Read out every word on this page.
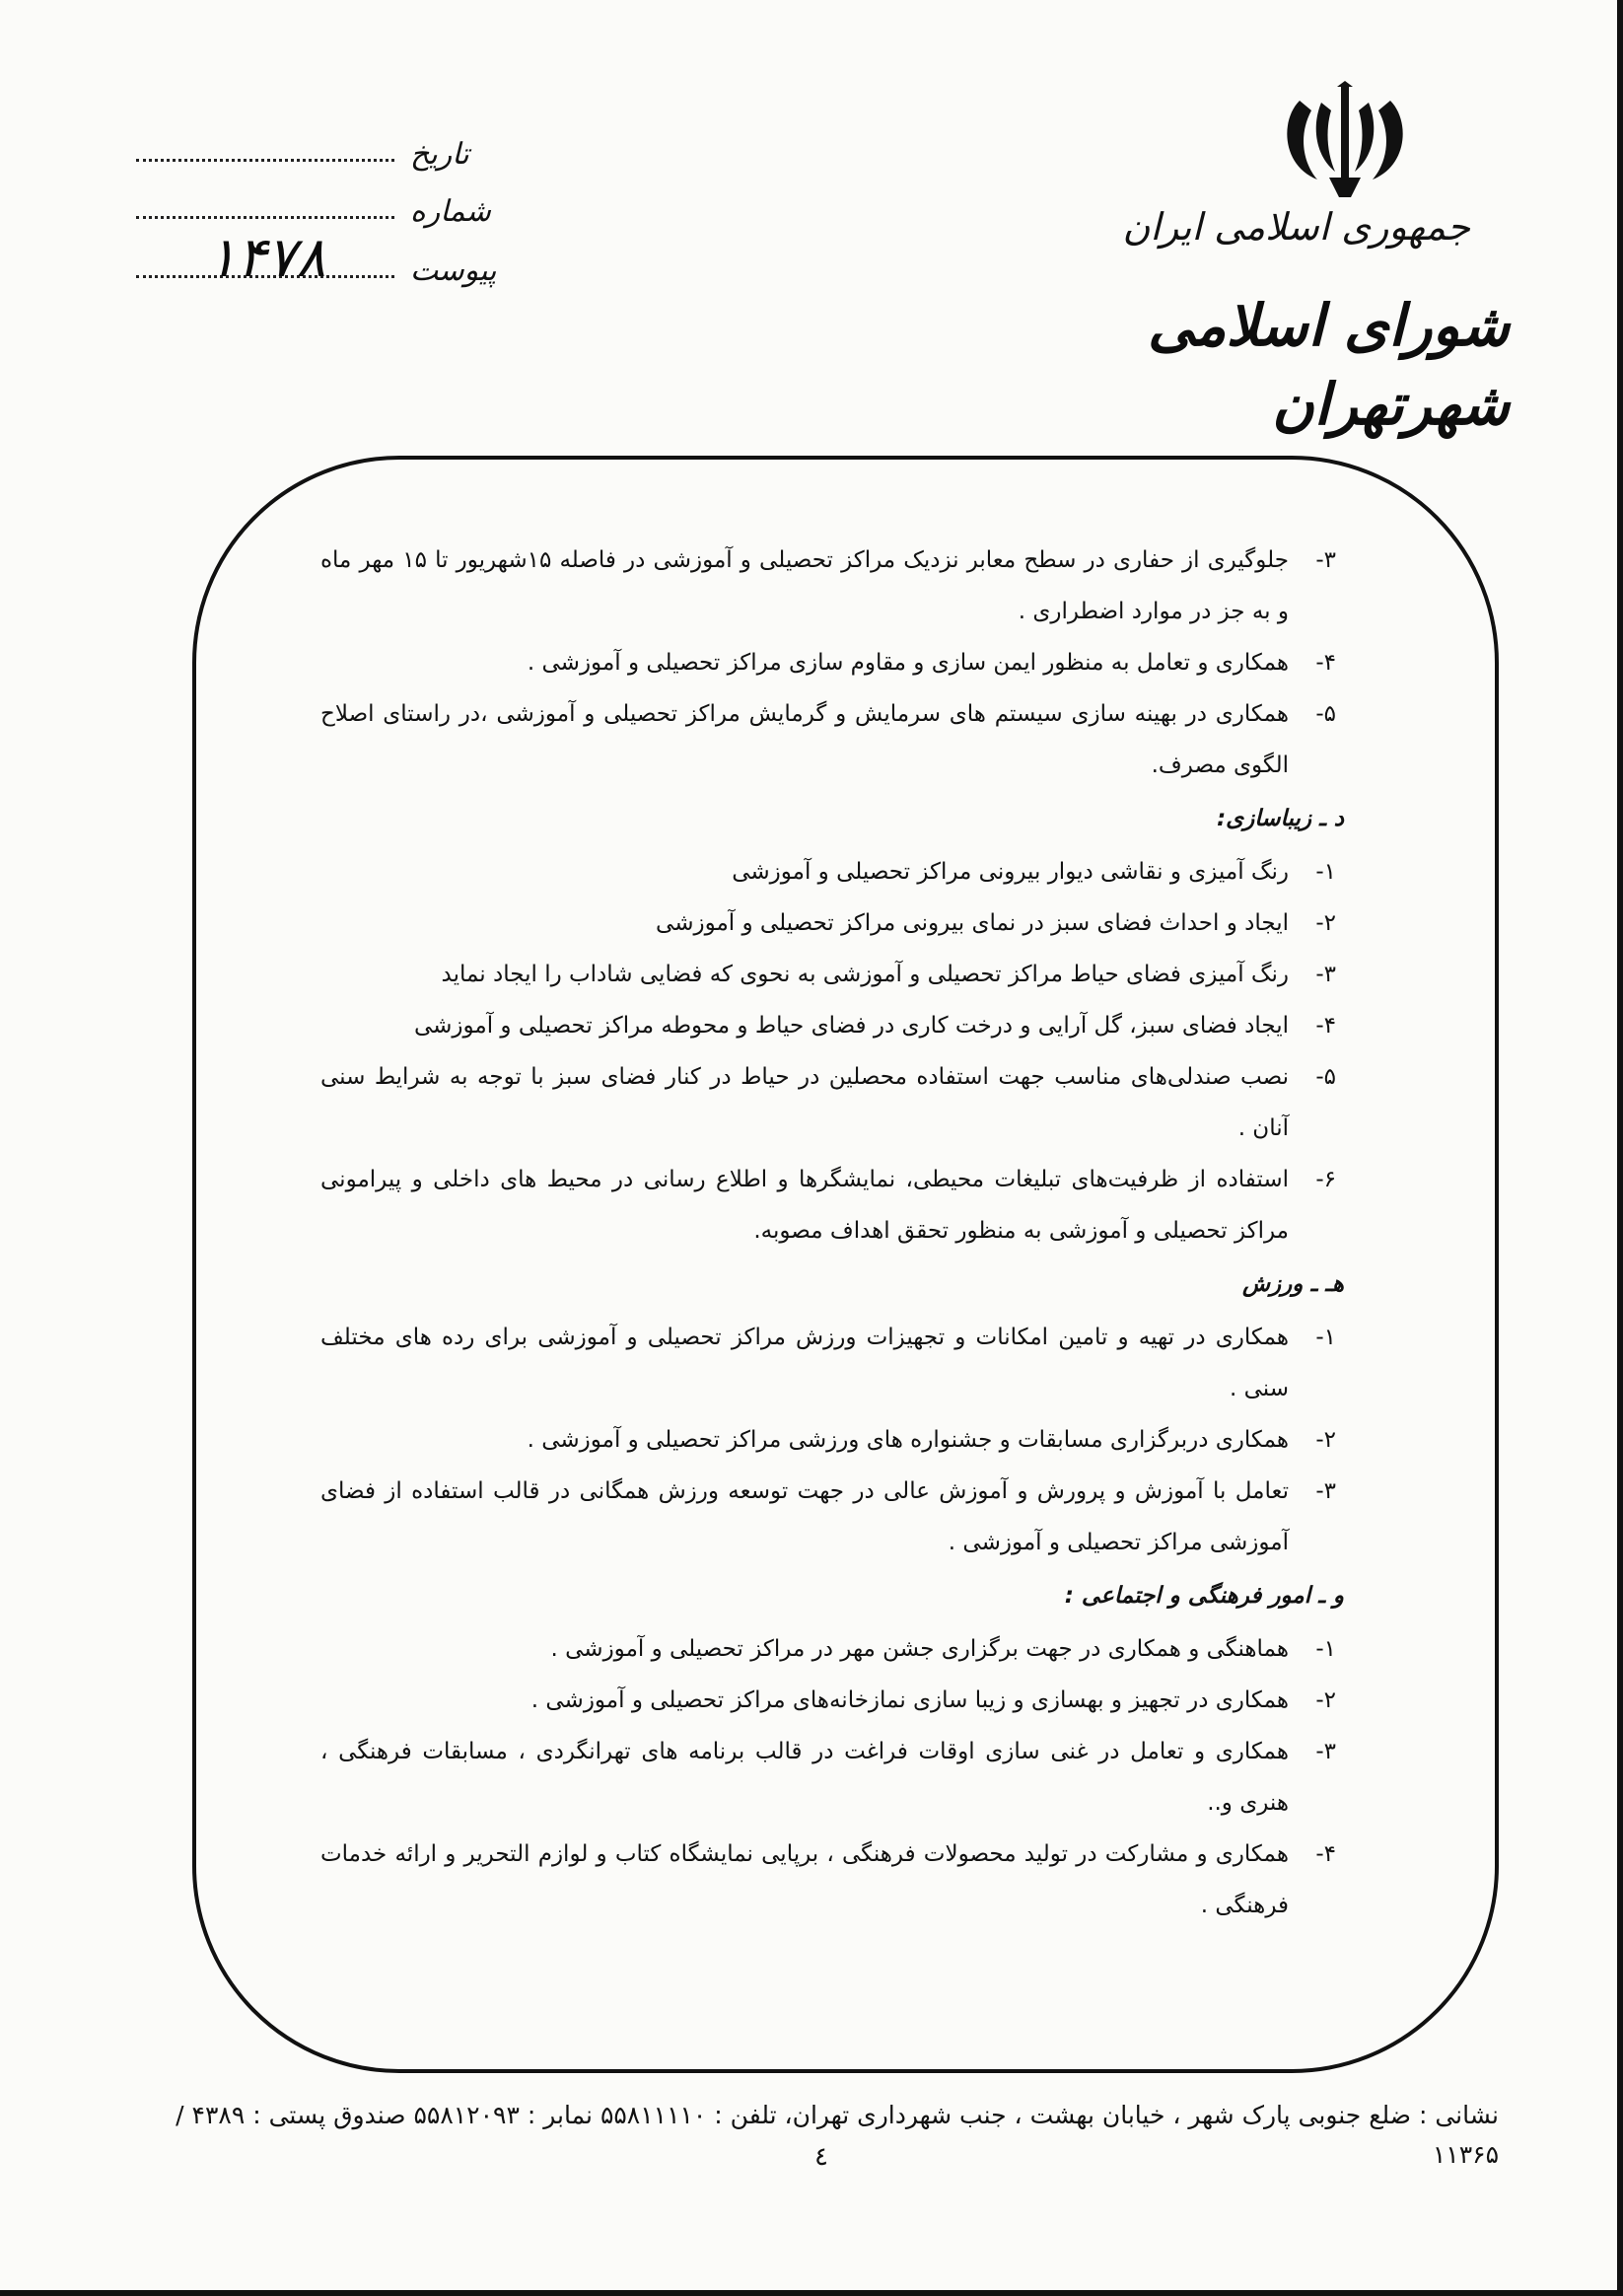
جمهوری اسلامی ایران
شورای اسلامی شهرتهران
تاریخ
شماره
۱۴۷۸	پیوست
۳-
جلوگیری از حفاری در سطح معابر نزدیک مراکز تحصیلی و آموزشی در فاصله ۱۵شهریور تا ۱۵ مهر ماه و به جز در موارد اضطراری .
۴-
همکاری و تعامل به منظور ایمن سازی و مقاوم سازی مراکز تحصیلی و آموزشی .
۵-
همکاری در بهینه سازی سیستم های سرمایش و گرمایش مراکز تحصیلی و آموزشی ،در راستای اصلاح الگوی مصرف.
د ـ زیباسازی:
۱-
رنگ آمیزی و نقاشی دیوار بیرونی مراکز تحصیلی و آموزشی
۲-
ایجاد و احداث فضای سبز در نمای بیرونی مراکز تحصیلی و آموزشی
۳-
رنگ آمیزی فضای حیاط مراکز تحصیلی و آموزشی به نحوی که فضایی شاداب را ایجاد نماید
۴-
ایجاد فضای سبز، گل آرایی و درخت کاری در فضای حیاط و محوطه مراکز تحصیلی و آموزشی
۵-
نصب صندلی‌های مناسب جهت استفاده محصلین در حیاط در کنار فضای سبز با توجه به شرایط سنی آنان .
۶-
استفاده از ظرفیت‌های تبلیغات محیطی، نمایشگرها و اطلاع رسانی در محیط های داخلی و پیرامونی مراکز تحصیلی و آموزشی به منظور تحقق اهداف مصوبه.
هـ ـ ورزش
۱-
همکاری در تهیه و تامین امکانات و تجهیزات ورزش مراکز تحصیلی و آموزشی برای رده های مختلف سنی .
۲-
همکاری دربرگزاری مسابقات و جشنواره های ورزشی مراکز تحصیلی و آموزشی .
۳-
تعامل با آموزش و پرورش و آموزش عالی در جهت توسعه ورزش همگانی در قالب استفاده از فضای آموزشی مراکز تحصیلی و آموزشی .
و ـ امور فرهنگی و اجتماعی :
۱-
هماهنگی و همکاری در جهت برگزاری جشن مهر در مراکز تحصیلی و آموزشی .
۲-
همکاری در تجهیز و بهسازی و زیبا سازی نمازخانه‌های مراکز تحصیلی و آموزشی .
۳-
همکاری و تعامل در غنی سازی اوقات فراغت در قالب برنامه های تهرانگردی ، مسابقات فرهنگی ، هنری و..
۴-
همکاری و مشارکت در تولید محصولات فرهنگی ، برپایی نمایشگاه کتاب و لوازم التحریر و ارائه خدمات فرهنگی .
نشانی : ضلع جنوبی پارک شهر ، خیابان بهشت ، جنب شهرداری تهران، تلفن : ۵۵۸۱۱۱۱۰ نمابر : ۵۵۸۱۲۰۹۳ صندوق پستی : ۴۳۸۹ / ۱۱۳۶۵
٤
